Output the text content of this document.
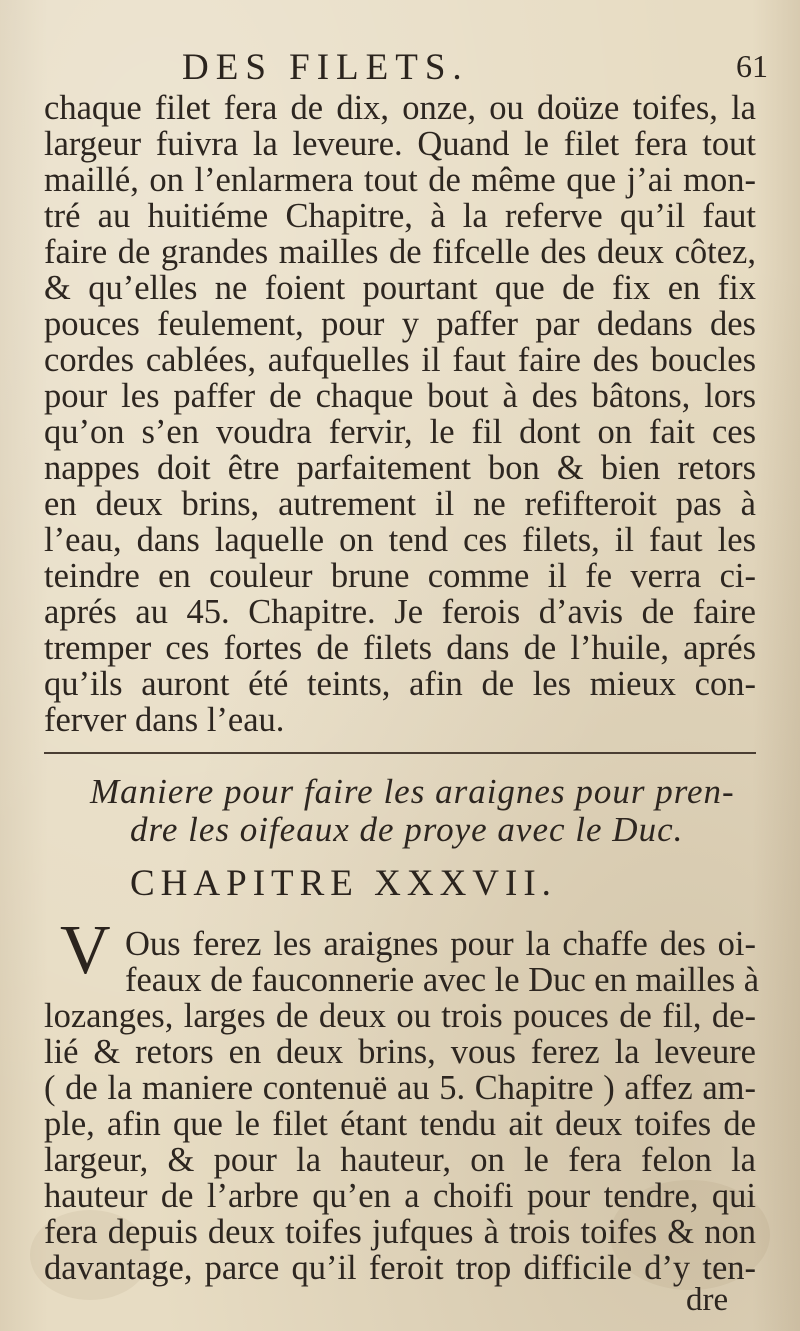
DES FILETS.	61
chaque filet fera de dix, onze, ou doüze toifes, la
largeur fuivra la leveure. Quand le filet fera tout
maillé, on l’enlarmera tout de même que j’ai mon-
tré au huitiéme Chapitre, à la referve qu’il faut
faire de grandes mailles de fifcelle des deux côtez,
& qu’elles ne foient pourtant que de fix en fix
pouces feulement, pour y paffer par dedans des
cordes cablées, aufquelles il faut faire des boucles
pour les paffer de chaque bout à des bâtons, lors
qu’on s’en voudra fervir, le fil dont on fait ces
nappes doit être parfaitement bon & bien retors
en deux brins, autrement il ne refifteroit pas à
l’eau, dans laquelle on tend ces filets, il faut les
teindre en couleur brune comme il fe verra ci-
aprés au 45. Chapitre. Je ferois d’avis de faire
tremper ces fortes de filets dans de l’huile, aprés
qu’ils auront été teints, afin de les mieux con-
ferver dans l’eau.
Maniere pour faire les araignes pour pren-
dre les oifeaux de proye avec le Duc.
CHAPITRE XXXVII.
V Ous ferez les araignes pour la chaffe des oi-
feaux de fauconnerie avec le Duc en mailles à
lozanges, larges de deux ou trois pouces de fil, de-
lié & retors en deux brins, vous ferez la leveure
( de la maniere contenuë au 5. Chapitre ) affez am-
ple, afin que le filet étant tendu ait deux toifes de
largeur, & pour la hauteur, on le fera felon la
hauteur de l’arbre qu’en a choifi pour tendre, qui
fera depuis deux toifes jufques à trois toifes & non
davantage, parce qu’il feroit trop difficile d’y ten-
dre
